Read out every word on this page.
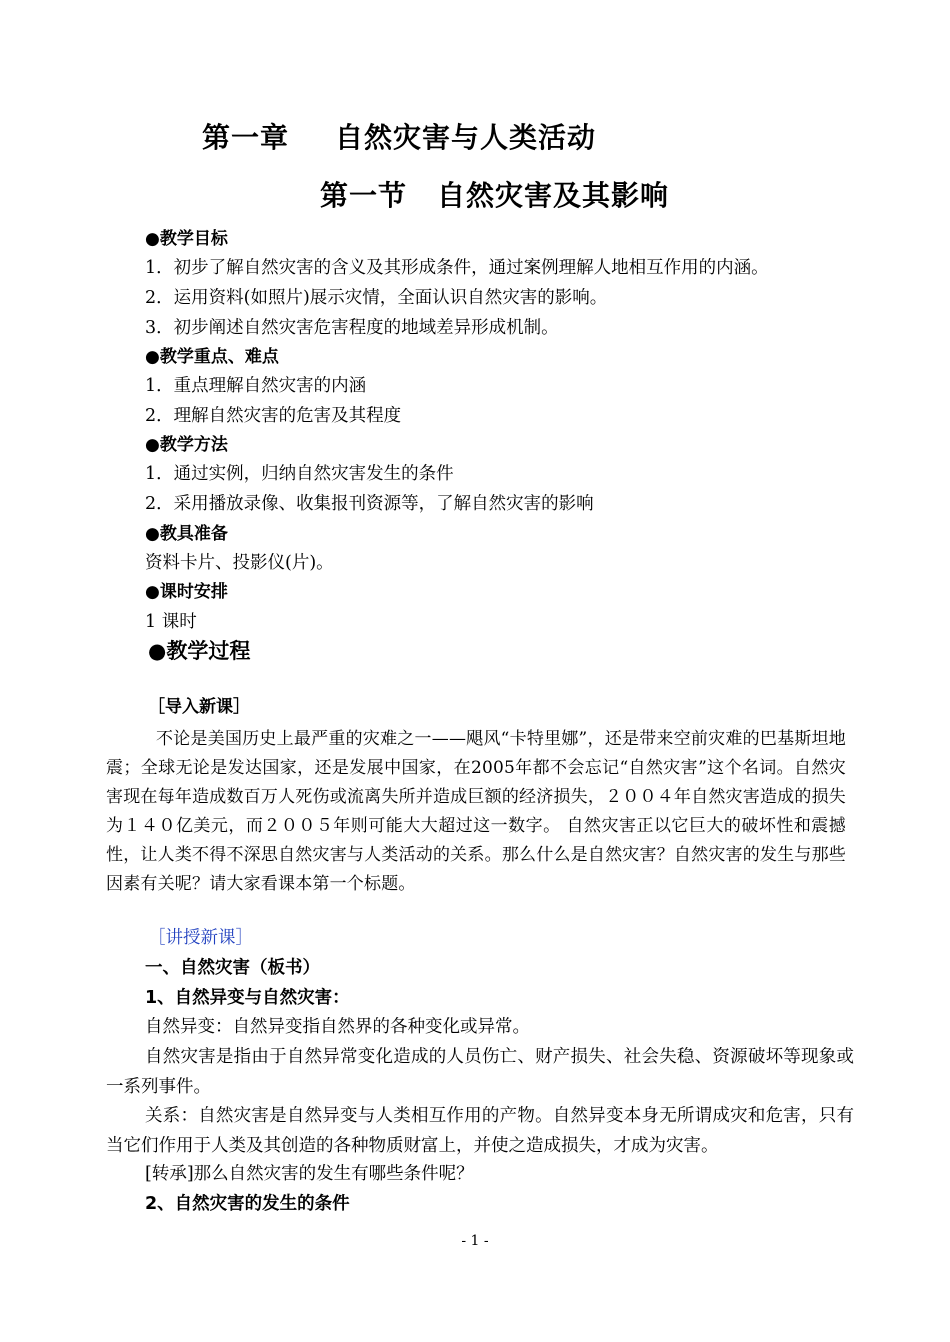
第一章 自然灾害与人类活动
第一节 自然灾害及其影响
●教学目标
1．初步了解自然灾害的含义及其形成条件，通过案例理解人地相互作用的内涵。
2．运用资料(如照片)展示灾情，全面认识自然灾害的影响。
3．初步阐述自然灾害危害程度的地域差异形成机制。
●教学重点、难点
1．重点理解自然灾害的内涵
2．理解自然灾害的危害及其程度
●教学方法
1．通过实例，归纳自然灾害发生的条件
2．采用播放录像、收集报刊资源等，了解自然灾害的影响
●教具准备
资料卡片、投影仪(片)。
●课时安排
1 课时
●教学过程
［导入新课］
不论是美国历史上最严重的灾难之一——飓风“卡特里娜”，还是带来空前灾难的巴基斯坦地震；全球无论是发达国家，还是发展中国家，在2005年都不会忘记“自然灾害”这个名词。自然灾害现在每年造成数百万人死伤或流离失所并造成巨额的经济损失，２００４年自然灾害造成的损失为１４０亿美元，而２００５年则可能大大超过这一数字。 自然灾害正以它巨大的破坏性和震撼性，让人类不得不深思自然灾害与人类活动的关系。那么什么是自然灾害？自然灾害的发生与那些因素有关呢？请大家看课本第一个标题。
［讲授新课］
一、自然灾害（板书）
1、自然异变与自然灾害：
自然异变：自然异变指自然界的各种变化或异常。
自然灾害是指由于自然异常变化造成的人员伤亡、财产损失、社会失稳、资源破坏等现象或一系列事件。
关系：自然灾害是自然异变与人类相互作用的产物。自然异变本身无所谓成灾和危害，只有当它们作用于人类及其创造的各种物质财富上，并使之造成损失，才成为灾害。
[转承]那么自然灾害的发生有哪些条件呢？
2、自然灾害的发生的条件
- 1 -
